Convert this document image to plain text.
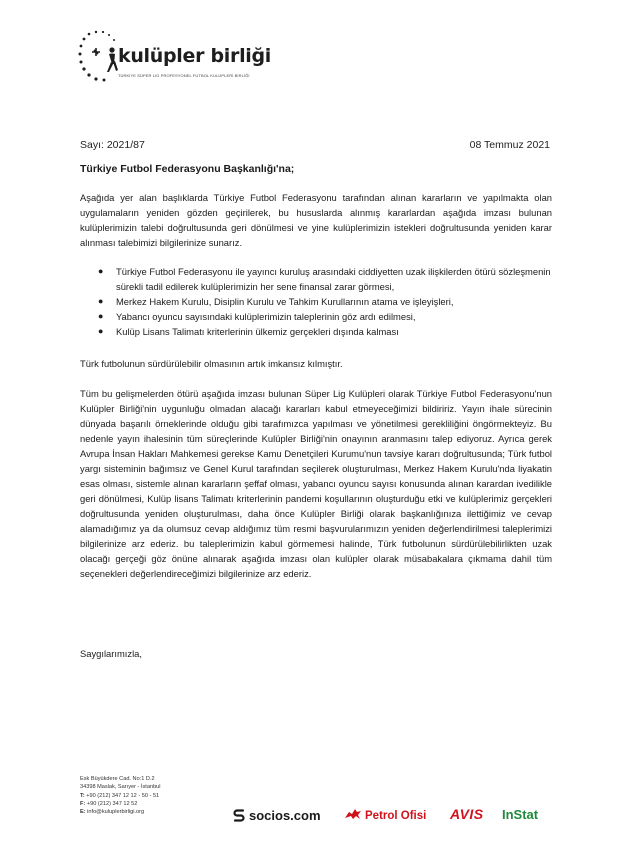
kulüpler birliği
TÜRKİYE SÜPER LİG PROFESYONEL FUTBOL KULÜPLERİ BİRLİĞİ
Sayı: 2021/87	08 Temmuz 2021
Türkiye Futbol Federasyonu Başkanlığı'na;
Aşağıda yer alan başlıklarda Türkiye Futbol Federasyonu tarafından alınan kararların ve yapılmakta olan uygulamaların yeniden gözden geçirilerek, bu hususlarda alınmış kararlardan aşağıda imzası bulunan kulüplerimizin talebi doğrultusunda geri dönülmesi ve yine kulüplerimizin istekleri doğrultusunda yeniden karar alınması talebimizi bilgilerinize sunarız.
● Türkiye Futbol Federasyonu ile yayıncı kuruluş arasındaki ciddiyetten uzak ilişkilerden ötürü sözleşmenin sürekli tadil edilerek kulüplerimizin her sene finansal zarar görmesi,
● Merkez Hakem Kurulu, Disiplin Kurulu ve Tahkim Kurullarının atama ve işleyişleri,
● Yabancı oyuncu sayısındaki kulüplerimizin taleplerinin göz ardı edilmesi,
● Kulüp Lisans Talimatı kriterlerinin ülkemiz gerçekleri dışında kalması
Türk futbolunun sürdürülebilir olmasının artık imkansız kılmıştır.
Tüm bu gelişmelerden ötürü aşağıda imzası bulunan Süper Lig Kulüpleri olarak Türkiye Futbol Federasyonu'nun Kulüpler Birliği'nin uygunluğu olmadan alacağı kararları kabul etmeyeceğimizi bildiririz. Yayın ihale sürecinin dünyada başarılı örneklerinde olduğu gibi tarafımızca yapılması ve yönetilmesi gerekliliğini öngörmekteyiz. Bu nedenle yayın ihalesinin tüm süreçlerinde Kulüpler Birliği'nin onayının aranmasını talep ediyoruz. Ayrıca gerek Avrupa İnsan Hakları Mahkemesi gerekse Kamu Denetçileri Kurumu'nun tavsiye kararı doğrultusunda; Türk futbol yargı sisteminin bağımsız ve Genel Kurul tarafından seçilerek oluşturulması, Merkez Hakem Kurulu'nda liyakatin esas olması, sistemle alınan kararların şeffaf olması, yabancı oyuncu sayısı konusunda alınan karardan ivedilikle geri dönülmesi, Kulüp lisans Talimatı kriterlerinin pandemi koşullarının oluşturduğu etki ve kulüplerimiz gerçekleri doğrultusunda yeniden oluşturulması, daha önce Kulüpler Birliği olarak başkanlığınıza ilettiğimiz ve cevap alamadığımız ya da olumsuz cevap aldığımız tüm resmi başvurularımızın yeniden değerlendirilmesi taleplerimizi bilgilerinize arz ederiz. bu taleplerimizin kabul görmemesi halinde, Türk futbolunun sürdürülebilirlikten uzak olacağı gerçeği göz önüne alınarak aşağıda imzası olan kulüpler olarak müsabakalara çıkmama dahil tüm seçenekleri değerlendireceğimizi bilgilerinize arz ederiz.
Saygılarımızla,
Esk Büyükdere Cad. No:1 D.2
34398 Maslak, Sarıyer - İstanbul
T: +90 (212) 347 12 12 - 50 - 51
F: +90 (212) 347 12 52
E: info@kuluplerbirligi.org	socios.com	Petrol Ofisi AVIS InStat
